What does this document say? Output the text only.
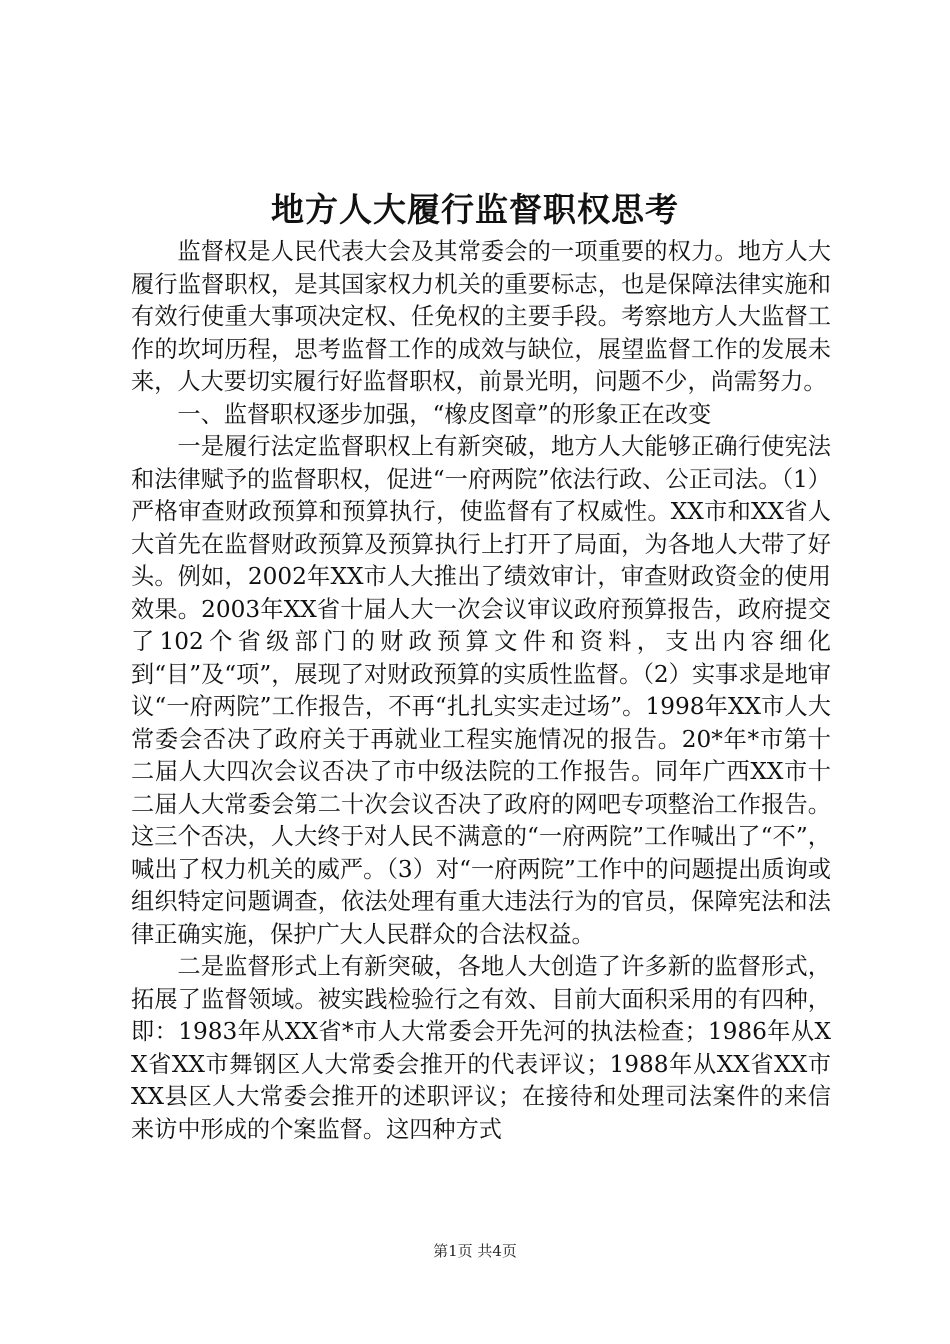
地方人大履行监督职权思考

监督权是人民代表大会及其常委会的一项重要的权力。地方人大履行监督职权，是其国家权力机关的重要标志，也是保障法律实施和有效行使重大事项决定权、任免权的主要手段。考察地方人大监督工作的坎坷历程，思考监督工作的成效与缺位，展望监督工作的发展未来，人大要切实履行好监督职权，前景光明，问题不少，尚需努力。

一、监督职权逐步加强，“橡皮图章”的形象正在改变

一是履行法定监督职权上有新突破，地方人大能够正确行使宪法和法律赋予的监督职权，促进“一府两院”依法行政、公正司法。（1）严格审查财政预算和预算执行，使监督有了权威性。XX市和XX省人大首先在监督财政预算及预算执行上打开了局面，为各地人大带了好头。例如，2002年XX市人大推出了绩效审计，审查财政资金的使用效果。2003年XX省十届人大一次会议审议政府预算报告，政府提交了102个省级部门的财政预算文件和资料，支出内容细化到“目”及“项”，展现了对财政预算的实质性监督。（2）实事求是地审议“一府两院”工作报告，不再“扎扎实实走过场”。1998年XX市人大常委会否决了政府关于再就业工程实施情况的报告。20*年*市第十二届人大四次会议否决了市中级法院的工作报告。同年广西XX市十二届人大常委会第二十次会议否决了政府的网吧专项整治工作报告。这三个否决，人大终于对人民不满意的“一府两院”工作喊出了“不”，喊出了权力机关的威严。（3）对“一府两院”工作中的问题提出质询或组织特定问题调查，依法处理有重大违法行为的官员，保障宪法和法律正确实施，保护广大人民群众的合法权益。

二是监督形式上有新突破，各地人大创造了许多新的监督形式，拓展了监督领域。被实践检验行之有效、目前大面积采用的有四种，即：1983年从XX省*市人大常委会开先河的执法检查；1986年从XX省XX市舞钢区人大常委会推开的代表评议；1988年从XX省XX市XX县区人大常委会推开的述职评议；在接待和处理司法案件的来信来访中形成的个案监督。这四种方式

第1页 共4页
